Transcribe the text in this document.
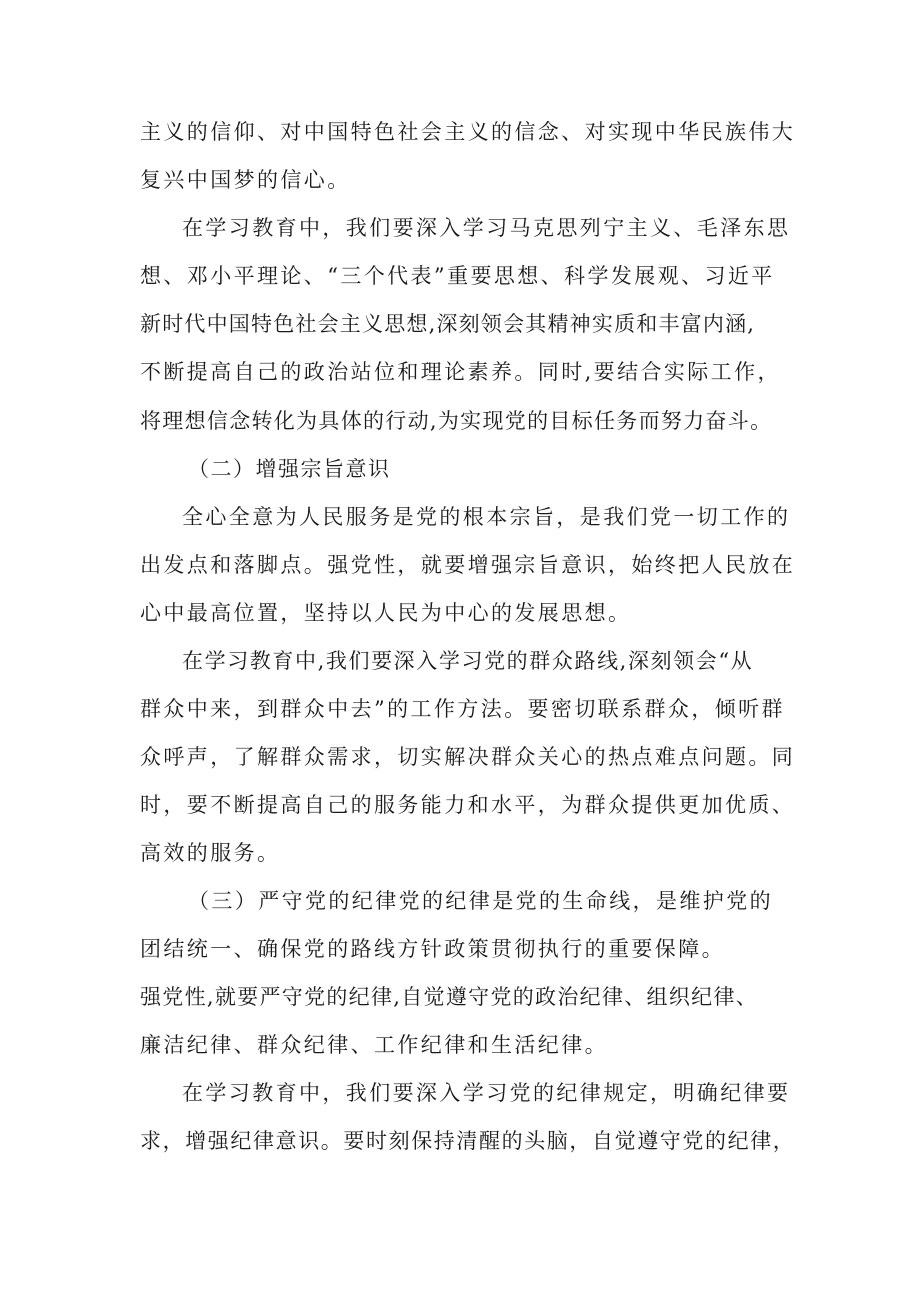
主义的信仰、对中国特色社会主义的信念、对实现中华民族伟大
复兴中国梦的信心。
在学习教育中，我们要深入学习马克思列宁主义、毛泽东思
想、邓小平理论、“三个代表”重要思想、科学发展观、习近平
新时代中国特色社会主义思想,深刻领会其精神实质和丰富内涵,
不断提高自己的政治站位和理论素养。同时,要结合实际工作，
将理想信念转化为具体的行动,为实现党的目标任务而努力奋斗。
（二）增强宗旨意识
全心全意为人民服务是党的根本宗旨，是我们党一切工作的
出发点和落脚点。强党性，就要增强宗旨意识，始终把人民放在
心中最高位置，坚持以人民为中心的发展思想。
在学习教育中,我们要深入学习党的群众路线,深刻领会“从
群众中来，到群众中去”的工作方法。要密切联系群众，倾听群
众呼声，了解群众需求，切实解决群众关心的热点难点问题。同
时，要不断提高自己的服务能力和水平，为群众提供更加优质、
高效的服务。
（三）严守党的纪律党的纪律是党的生命线，是维护党的
团结统一、确保党的路线方针政策贯彻执行的重要保障。
强党性,就要严守党的纪律,自觉遵守党的政治纪律、组织纪律、
廉洁纪律、群众纪律、工作纪律和生活纪律。
在学习教育中，我们要深入学习党的纪律规定，明确纪律要
求，增强纪律意识。要时刻保持清醒的头脑，自觉遵守党的纪律，
